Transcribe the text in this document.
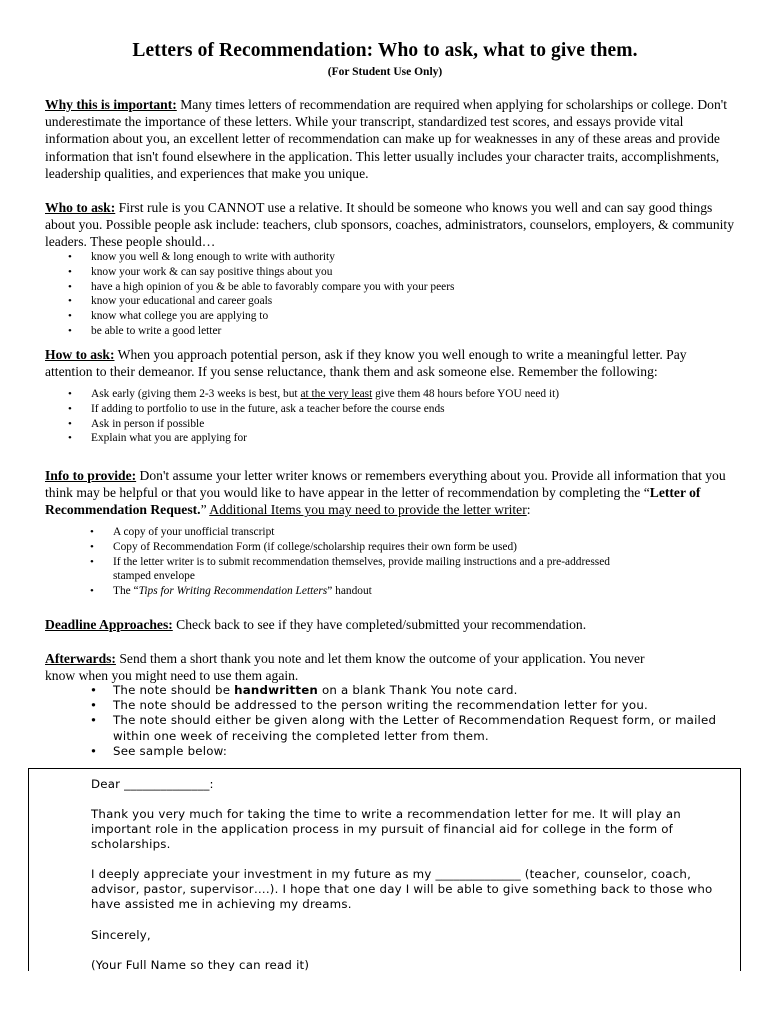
Letters of Recommendation: Who to ask, what to give them.
(For Student Use Only)

Why this is important: Many times letters of recommendation are required when applying for scholarships or college. Don't underestimate the importance of these letters. While your transcript, standardized test scores, and essays provide vital information about you, an excellent letter of recommendation can make up for weaknesses in any of these areas and provide information that isn't found elsewhere in the application. This letter usually includes your character traits, accomplishments, leadership qualities, and experiences that make you unique.

Who to ask: First rule is you CANNOT use a relative. It should be someone who knows you well and can say good things about you. Possible people ask include: teachers, club sponsors, coaches, administrators, counselors, employers, & community leaders. These people should…

• know you well & long enough to write with authority
• know your work & can say positive things about you
• have a high opinion of you & be able to favorably compare you with your peers
• know your educational and career goals
• know what college you are applying to
• be able to write a good letter

How to ask: When you approach potential person, ask if they know you well enough to write a meaningful letter. Pay attention to their demeanor. If you sense reluctance, thank them and ask someone else. Remember the following:

• Ask early (giving them 2-3 weeks is best, but at the very least give them 48 hours before YOU need it)
• If adding to portfolio to use in the future, ask a teacher before the course ends
• Ask in person if possible
• Explain what you are applying for

Info to provide: Don't assume your letter writer knows or remembers everything about you. Provide all information that you think may be helpful or that you would like to have appear in the letter of recommendation by completing the “Letter of Recommendation Request.” Additional Items you may need to provide the letter writer:

• A copy of your unofficial transcript
• Copy of Recommendation Form (if college/scholarship requires their own form be used)
• If the letter writer is to submit recommendation themselves, provide mailing instructions and a pre-addressed stamped envelope
• The “Tips for Writing Recommendation Letters” handout

Deadline Approaches: Check back to see if they have completed/submitted your recommendation.

Afterwards: Send them a short thank you note and let them know the outcome of your application. You never know when you might need to use them again.

• The note should be handwritten on a blank Thank You note card.
• The note should be addressed to the person writing the recommendation letter for you.
• The note should either be given along with the Letter of Recommendation Request form, or mailed within one week of receiving the completed letter from them.
• See sample below:

Dear ______________:

Thank you very much for taking the time to write a recommendation letter for me. It will play an important role in the application process in my pursuit of financial aid for college in the form of scholarships.

I deeply appreciate your investment in my future as my ______________ (teacher, counselor, coach, advisor, pastor, supervisor….). I hope that one day I will be able to give something back to those who have assisted me in achieving my dreams.

Sincerely,

(Your Full Name so they can read it)
